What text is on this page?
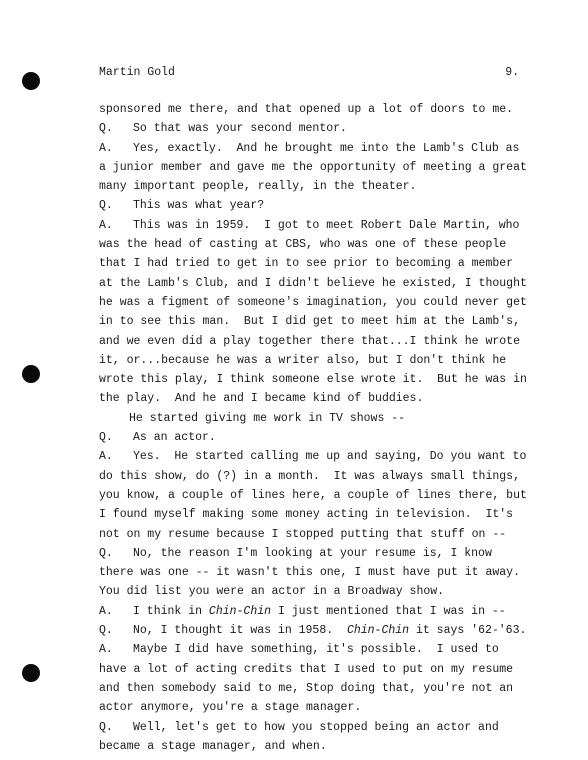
Martin Gold	9.
sponsored me there, and that opened up a lot of doors to me.
Q. So that was your second mentor.
A. Yes, exactly.  And he brought me into the Lamb's Club as
a junior member and gave me the opportunity of meeting a great
many important people, really, in the theater.
Q. This was what year?
A. This was in 1959.  I got to meet Robert Dale Martin, who
was the head of casting at CBS, who was one of these people
that I had tried to get in to see prior to becoming a member
at the Lamb's Club, and I didn't believe he existed, I thought
he was a figment of someone's imagination, you could never get
in to see this man.  But I did get to meet him at the Lamb's,
and we even did a play together there that...I think he wrote
it, or...because he was a writer also, but I don't think he
wrote this play, I think someone else wrote it.  But he was in
the play.  And he and I became kind of buddies.
He started giving me work in TV shows --
Q. As an actor.
A. Yes.  He started calling me up and saying, Do you want to
do this show, do (?) in a month.  It was always small things,
you know, a couple of lines here, a couple of lines there, but
I found myself making some money acting in television.  It's
not on my resume because I stopped putting that stuff on --
Q. No, the reason I'm looking at your resume is, I know
there was one -- it wasn't this one, I must have put it away.
You did list you were an actor in a Broadway show.
A. I think in Chin-Chin I just mentioned that I was in --
Q. No, I thought it was in 1958.  Chin-Chin it says '62-'63.
A. Maybe I did have something, it's possible.  I used to
have a lot of acting credits that I used to put on my resume
and then somebody said to me, Stop doing that, you're not an
actor anymore, you're a stage manager.
Q. Well, let's get to how you stopped being an actor and
became a stage manager, and when.
